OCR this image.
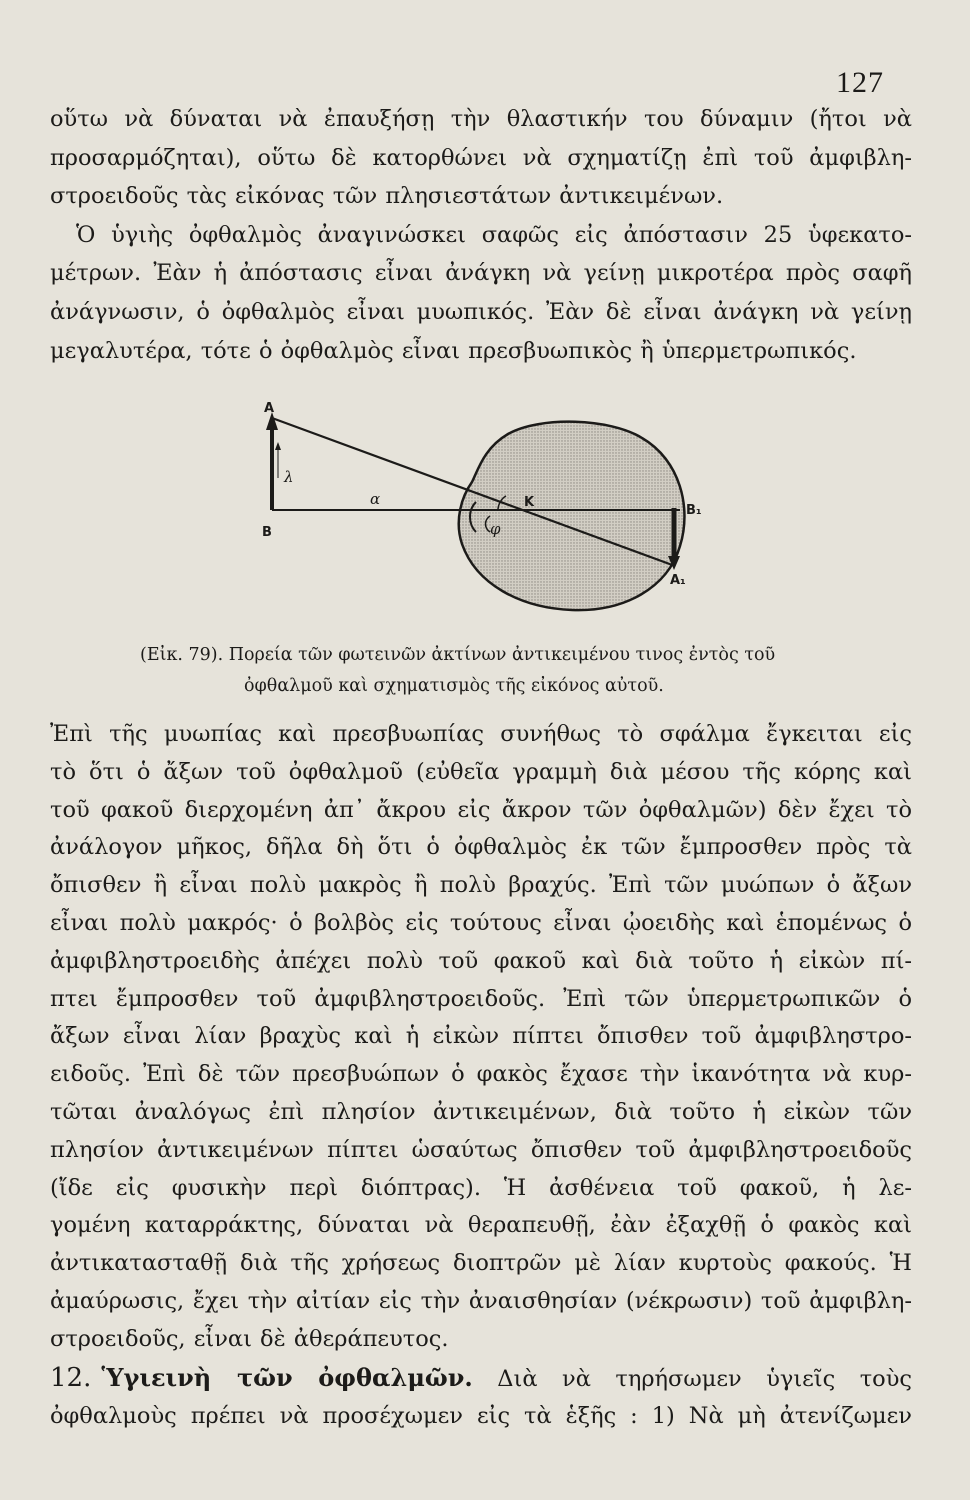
127
οὕτω νὰ δύναται νὰ ἐπαυξήσῃ τὴν θλαστικήν του δύναμιν (ἤτοι νὰ
προσαρμόζηται), οὕτω δὲ κατορθώνει νὰ σχηματίζῃ ἐπὶ τοῦ ἀμφιβλη-
στροειδοῦς τὰς εἰκόνας τῶν πλησιεστάτων ἀντικειμένων.
Ὁ ὑγιὴς ὀφθαλμὸς ἀναγινώσκει σαφῶς εἰς ἀπόστασιν 25 ὑφεκατο-
μέτρων. Ἐὰν ἡ ἀπόστασις εἶναι ἀνάγκη νὰ γείνῃ μικροτέρα πρὸς σαφῆ
ἀνάγνωσιν, ὁ ὀφθαλμὸς εἶναι μυωπικός. Ἐὰν δὲ εἶναι ἀνάγκη νὰ γείνῃ
μεγαλυτέρα, τότε ὁ ὀφθαλμὸς εἶναι πρεσβυωπικὸς ἢ ὑπερμετρωπικός.
A
B
λ
α	K
φ
B₁
A₁
(Εἰκ. 79). Πορεία τῶν φωτεινῶν ἀκτίνων ἀντικειμένου τινος ἐντὸς τοῦ
ὀφθαλμοῦ καὶ σχηματισμὸς τῆς εἰκόνος αὐτοῦ.
Ἐπὶ τῆς μυωπίας καὶ πρεσβυωπίας συνήθως τὸ σφάλμα ἔγκειται εἰς
τὸ ὅτι ὁ ἄξων τοῦ ὀφθαλμοῦ (εὐθεῖα γραμμὴ διὰ μέσου τῆς κόρης καὶ
τοῦ φακοῦ διερχομένη ἀπ᾽ ἄκρου εἰς ἄκρον τῶν ὀφθαλμῶν) δὲν ἔχει τὸ
ἀνάλογον μῆκος, δῆλα δὴ ὅτι ὁ ὀφθαλμὸς ἐκ τῶν ἔμπροσθεν πρὸς τὰ
ὄπισθεν ἢ εἶναι πολὺ μακρὸς ἢ πολὺ βραχύς. Ἐπὶ τῶν μυώπων ὁ ἄξων
εἶναι πολὺ μακρός· ὁ βολβὸς εἰς τούτους εἶναι ᾠοειδὴς καὶ ἑπομένως ὁ
ἀμφιβληστροειδὴς ἀπέχει πολὺ τοῦ φακοῦ καὶ διὰ τοῦτο ἡ εἰκὼν πί-
πτει ἔμπροσθεν τοῦ ἀμφιβληστροειδοῦς. Ἐπὶ τῶν ὑπερμετρωπικῶν ὁ
ἄξων εἶναι λίαν βραχὺς καὶ ἡ εἰκὼν πίπτει ὄπισθεν τοῦ ἀμφιβληστρο-
ειδοῦς. Ἐπὶ δὲ τῶν πρεσβυώπων ὁ φακὸς ἔχασε τὴν ἱκανότητα νὰ κυρ-
τῶται ἀναλόγως ἐπὶ πλησίον ἀντικειμένων, διὰ τοῦτο ἡ εἰκὼν τῶν
πλησίον ἀντικειμένων πίπτει ὡσαύτως ὄπισθεν τοῦ ἀμφιβληστροειδοῦς
(ἴδε εἰς φυσικὴν περὶ διόπτρας). Ἡ ἀσθένεια τοῦ φακοῦ, ἡ λε-
γομένη καταρράκτης, δύναται νὰ θεραπευθῇ, ἐὰν ἐξαχθῇ ὁ φακὸς καὶ
ἀντικατασταθῇ διὰ τῆς χρήσεως διοπτρῶν μὲ λίαν κυρτοὺς φακούς. Ἡ
ἀμαύρωσις, ἔχει τὴν αἰτίαν εἰς τὴν ἀναισθησίαν (νέκρωσιν) τοῦ ἀμφιβλη-
στροειδοῦς, εἶναι δὲ ἀθεράπευτος.
12. Ὑγιεινὴ τῶν ὀφθαλμῶν. Διὰ νὰ τηρήσωμεν ὑγιεῖς τοὺς
ὀφθαλμοὺς πρέπει νὰ προσέχωμεν εἰς τὰ ἑξῆς : 1) Νὰ μὴ ἀτενίζωμεν
